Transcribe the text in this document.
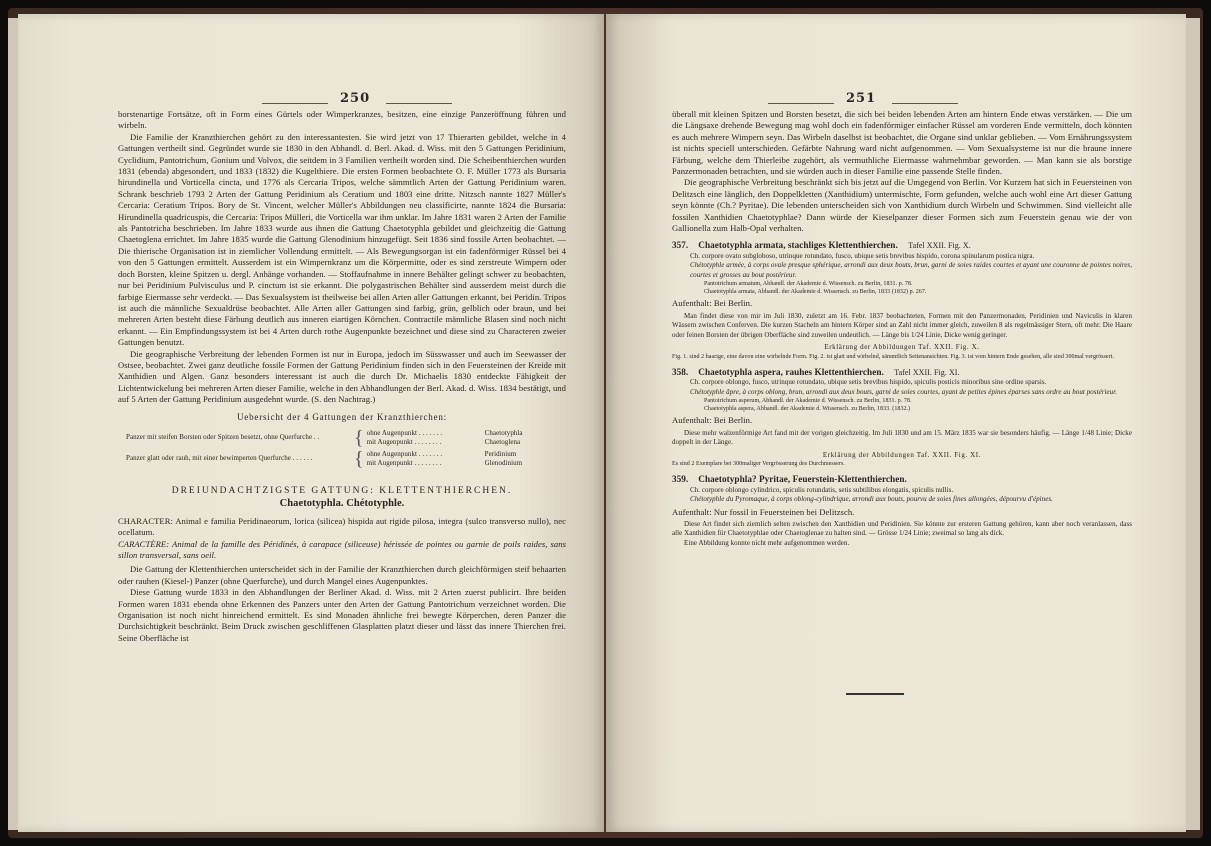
250

borstenartige Fortsätze, oft in Form eines Gürtels oder Wimperkranzes, besitzen, eine einzige Panzeröffnung führen und wirbeln.

Die Familie der Kranzthierchen gehört zu den interessantesten. Sie wird jetzt von 17 Thierarten gebildet, welche in 4 Gattungen vertheilt sind. Gegründet wurde sie 1830 in den Abhandl. d. Berl. Akad. d. Wiss. mit den 5 Gattungen Peridinium, Cyclidium, Pantotrichum, Gonium und Volvox, die seitdem in 3 Familien vertheilt worden sind. Die Scheibenthierchen wurden 1831 (ebenda) abgesondert, und 1833 (1832) die Kugelthiere. Die ersten Formen beobachtete O. F. Müller 1773 als Bursaria hirundinella und Vorticella cincta, und 1776 als Cercaria Tripos, welche sämmtlich Arten der Gattung Peridinium waren. Schrank beschrieb 1793 2 Arten der Gattung Peridinium als Ceratium und 1803 eine dritte. Nitzsch nannte 1827 Müller's Cercaria: Ceratium Tripos. Bory de St. Vincent, welcher Müller's Abbildungen neu classificirte, nannte 1824 die Bursaria: Hirundinella quadricuspis, die Cercaria: Tripos Mülleri, die Vorticella war ihm unklar. Im Jahre 1831 waren 2 Arten der Familie als Pantotricha beschrieben. Im Jahre 1833 wurde aus ihnen die Gattung Chaetotyphla gebildet und gleichzeitig die Gattung Chaetoglena errichtet. Im Jahre 1835 wurde die Gattung Glenodinium hinzugefügt. Seit 1836 sind fossile Arten beobachtet. — Die thierische Organisation ist in ziemlicher Vollendung ermittelt. — Als Bewegungsorgan ist ein fadenförmiger Rüssel bei 4 von den 5 Gattungen ermittelt. Ausserdem ist ein Wimpernkranz um die Körpermitte, oder es sind zerstreute Wimpern oder doch Borsten, kleine Spitzen u. dergl. Anhänge vorhanden. — Stoffaufnahme in innere Behälter gelingt schwer zu beobachten, nur bei Peridinium Pulvisculus und P. cinctum ist sie erkannt. Die polygastrischen Behälter sind ausserdem meist durch die farbige Eiermasse sehr verdeckt. — Das Sexualsystem ist theilweise bei allen Arten aller Gattungen erkannt, bei Peridin. Tripos ist auch die männliche Sexualdrüse beobachtet. Alle Arten aller Gattungen sind farbig, grün, gelblich oder braun, und bei mehreren Arten besteht diese Färbung deutlich aus inneren eiartigen Körnchen. Contractile männliche Blasen sind noch nicht erkannt. — Ein Empfindungssystem ist bei 4 Arten durch rothe Augenpunkte bezeichnet und diese sind zu Characteren zweier Gattungen benutzt.

Die geographische Verbreitung der lebenden Formen ist nur in Europa, jedoch im Süsswasser und auch im Seewasser der Ostsee, beobachtet. Zwei ganz deutliche fossile Formen der Gattung Peridinium finden sich in den Feuersteinen der Kreide mit Xanthidien und Algen. Ganz besonders interessant ist auch die durch Dr. Michaelis 1830 entdeckte Fähigkeit der Lichtentwickelung bei mehreren Arten dieser Familie, welche in den Abhandlungen der Berl. Akad. d. Wiss. 1834 bestätigt, und auf 5 Arten der Gattung Peridinium ausgedehnt wurde. (S. den Nachtrag.)

Uebersicht der 4 Gattungen der Kranzthierchen:

Panzer mit steifen Borsten oder Spitzen besetzt, ohne Querfurche . .	{ ohne Augenpunkt . . . . . . .	Chaetotyphla
mit Augenpunkt . . . . . . . .	Chaetoglena
Panzer glatt oder rauh, mit einer bewimperten Querfurche . . . . . .	{ ohne Augenpunkt . . . . . . .	Peridinium
mit Augenpunkt . . . . . . . .	Glenodinium

DREIUNDACHTZIGSTE GATTUNG: KLETTENTHIERCHEN.

Chaetotyphla. Chétotyphle.

CHARACTER: Animal e familia Peridinaeorum, lorica (silicea) hispida aut rigide pilosa, integra (sulco transverso nullo), nec ocellatum.

CARACTÈRE: Animal de la famille des Péridinés, à carapace (siliceuse) hérissée de pointes ou garnie de poils raides, sans sillon transversal, sans oeil.

Die Gattung der Klettenthierchen unterscheidet sich in der Familie der Kranzthierchen durch gleichförmigen steif behaarten oder rauhen (Kiesel-) Panzer (ohne Querfurche), und durch Mangel eines Augenpunktes.

Diese Gattung wurde 1833 in den Abhandlungen der Berliner Akad. d. Wiss. mit 2 Arten zuerst publicirt. Ihre beiden Formen waren 1831 ebenda ohne Erkennen des Panzers unter den Arten der Gattung Pantotrichum verzeichnet worden. Die Organisation ist noch nicht hinreichend ermittelt. Es sind Monaden ähnliche frei bewegte Körperchen, deren Panzer die Durchsichtigkeit beschränkt. Beim Druck zwischen geschliffenen Glasplatten platzt dieser und lässt das innere Thierchen frei. Seine Oberfläche ist

251

überall mit kleinen Spitzen und Borsten besetzt, die sich bei beiden lebenden Arten am hintern Ende etwas verstärken. — Die um die Längsaxe drehende Bewegung mag wohl doch ein fadenförmiger einfacher Rüssel am vorderen Ende vermitteln, doch könnten es auch mehrere Wimpern seyn. Das Wirbeln daselbst ist beobachtet, die Organe sind unklar geblieben. — Vom Ernährungssystem ist nichts speciell unterschieden. Gefärbte Nahrung ward nicht aufgenommen. — Vom Sexualsysteme ist nur die braune innere Färbung, welche dem Thierleibe zugehört, als vermuthliche Eiermasse wahrnehmbar geworden. — Man kann sie als borstige Panzermonaden betrachten, und sie würden auch in dieser Familie eine passende Stelle finden.

Die geographische Verbreitung beschränkt sich bis jetzt auf die Umgegend von Berlin. Vor Kurzem hat sich in Feuersteinen von Delitzsch eine länglich, den Doppelkletten (Xanthidium) untermischte, Form gefunden, welche auch wohl eine Art dieser Gattung seyn könnte (Ch.? Pyritae). Die lebenden unterscheiden sich von Xanthidium durch Wirbeln und Schwimmen. Sind vielleicht alle fossilen Xanthidien Chaetotyphlae? Dann würde der Kieselpanzer dieser Formen sich zum Feuerstein genau wie der von Gallionella zum Halb-Opal verhalten.

357. Chaetotyphla armata, stachliges Klettenthierchen. Tafel XXII. Fig. X.

Ch. corpore ovato subgloboso, utrinque rotundato, fusco, ubique setis brevibus hispido, corona spinularum postica nigra.

Chétotyphle armée, à corps ovale presque sphérique, arrondi aux deux bouts, brun, garni de soies raides courtes et ayant une couronne de pointes noires, courtes et grosses au bout postérieur.

Pantotrichum armatum, Abhandl. der Akademie d. Wissensch. zu Berlin, 1831. p. 78.

Chaetotyphla armata, Abhandl. der Akademie d. Wissensch. zu Berlin, 1833 (1832) p. 267.

Aufenthalt: Bei Berlin.

Man findet diese von mir im Juli 1830, zuletzt am 16. Febr. 1837 beobachteten, Formen mit den Panzermonaden, Peridinien und Naviculis in klaren Wässern zwischen Conferven. Die kurzen Stacheln am hintern Körper sind an Zahl nicht immer gleich, zuweilen 8 als regelmässiger Stern, oft mehr. Die Haare oder feinen Borsten der übrigen Oberfläche sind zuweilen undeutlich. — Länge bis 1/24 Linie, Dicke wenig geringer.

Erklärung der Abbildungen Taf. XXII. Fig. X.

Fig. 1. sind 2 haarige, eine davon eine wirbelnde Form. Fig. 2. ist glatt und wirbelnd, sämmtlich Seitenansichten. Fig. 3. ist vom hintern Ende gesehen, alle sind 300mal vergrössert.

358. Chaetotyphla aspera, rauhes Klettenthierchen. Tafel XXII. Fig. XI.

Ch. corpore oblongo, fusco, utrinque rotundato, ubique setis brevibus hispido, spiculis posticis minoribus sine ordine sparsis.

Chétotyphle âpre, à corps oblong, brun, arrondi aux deux bouts, garni de soies courtes, ayant de petites épines éparses sans ordre au bout postérieur.

Pantotrichum asperum, Abhandl. der Akademie d. Wissensch. zu Berlin, 1831. p. 78.

Chaetotyphla aspera, Abhandl. der Akademie d. Wissensch. zu Berlin, 1833. (1832.)

Aufenthalt: Bei Berlin.

Diese mehr walzenförmige Art fand mit der vorigen gleichzeitig. Im Juli 1830 und am 15. März 1835 war sie besonders häufig. — Länge 1/48 Linie; Dicke doppelt in der Länge.

Erklärung der Abbildungen Taf. XXII. Fig. XI.

Es sind 2 Exemplare bei 300maliger Vergrösserung des Durchmessers.

359. Chaetotyphla? Pyritae, Feuerstein-Klettenthierchen.

Ch. corpore oblongo cylindrico, spiculis rotundatis, setis subtilibus elongatis, spiculis nullis.

Chétotyphle du Pyromaque, à corps oblong-cylindrique, arrondi aux bouts, pourvu de soies fines allongées, dépourvu d'épines.

Aufenthalt: Nur fossil in Feuersteinen bei Delitzsch.

Diese Art findet sich ziemlich selten zwischen den Xanthidien und Peridinien. Sie könnte zur ersteren Gattung gehören, kann aber noch veranlassen, dass alle Xanthidien für Chaetotyphlae oder Chaetoglenae zu halten sind. — Grösse 1/24 Linie; zweimal so lang als dick.

Eine Abbildung konnte nicht mehr aufgenommen werden.
